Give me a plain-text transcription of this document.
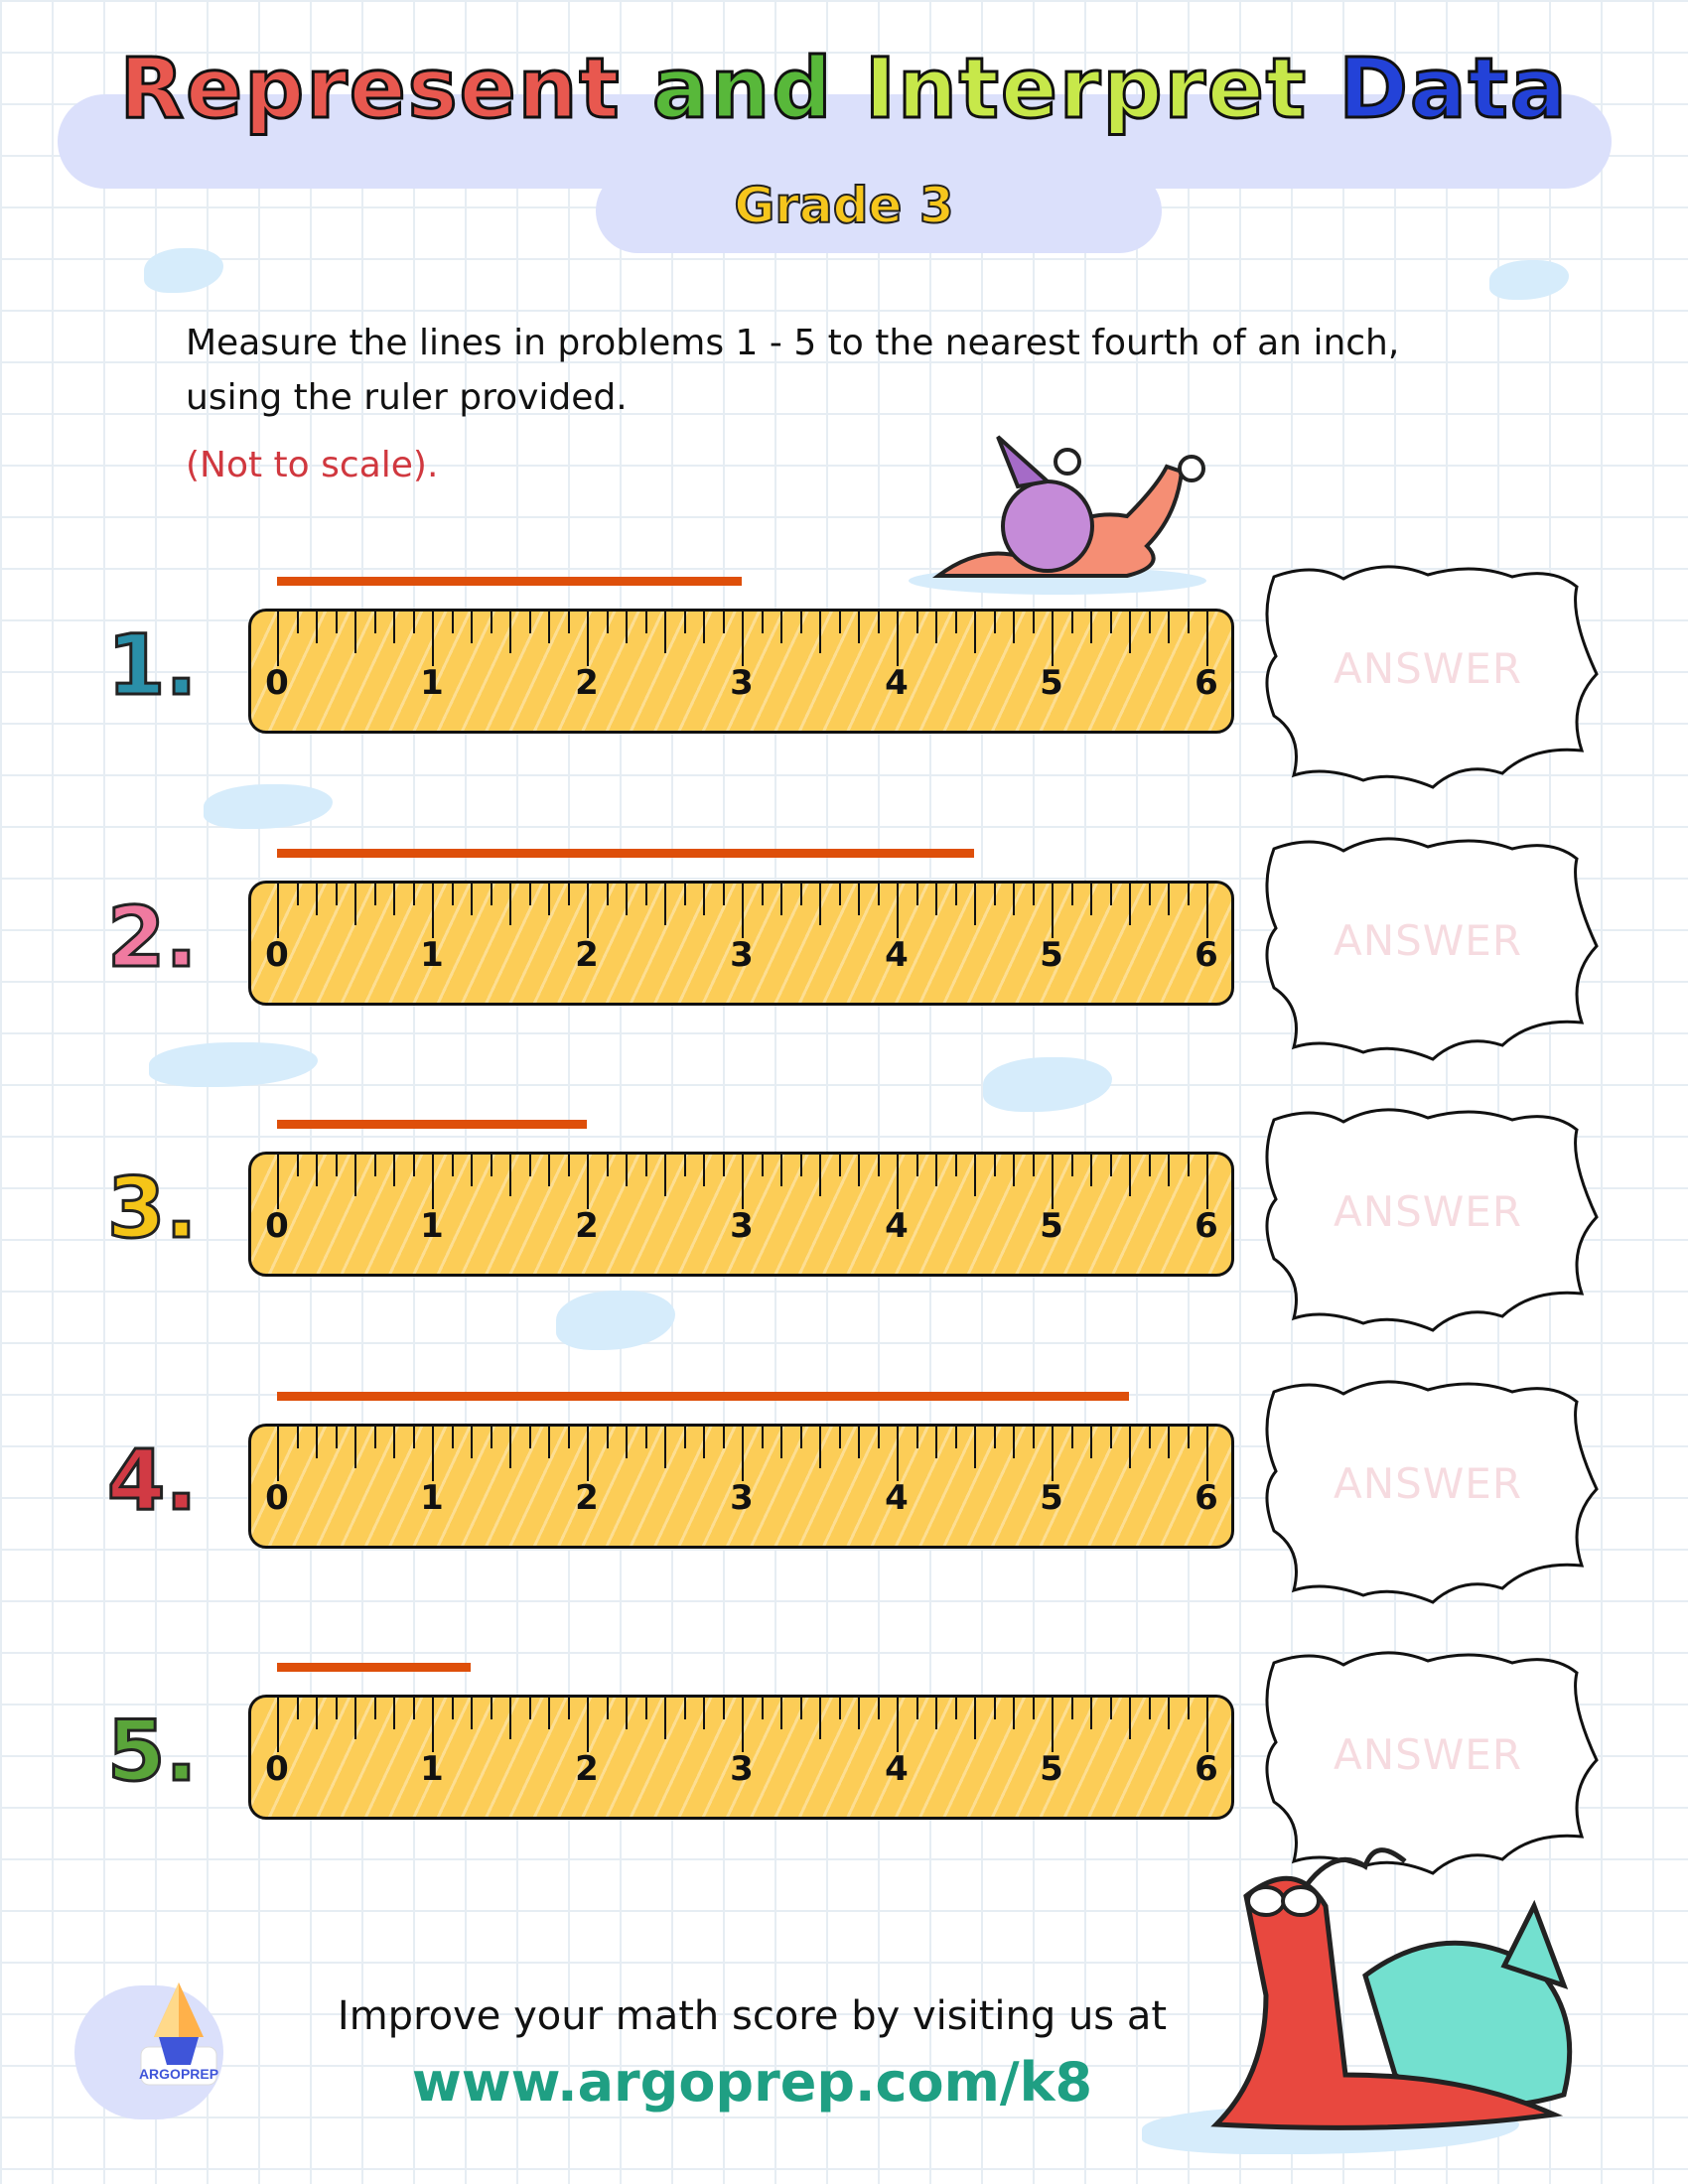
Represent and Interpret Data
Grade 3
Measure the lines in problems 1 - 5 to the nearest fourth of an inch,
using the ruler provided.
(Not to scale).
1. 0	1	2	3	4	5	6	ANSWER
2. 0	1	2	3	4	5	6	ANSWER
3. 0	1	2	3	4	5	6	ANSWER
4. 0	1	2	3	4	5	6	ANSWER
5. 0	1	2	3	4	5	6	ANSWER
ARGOPREP
Improve your math score by visiting us at
www.argoprep.com/k8
